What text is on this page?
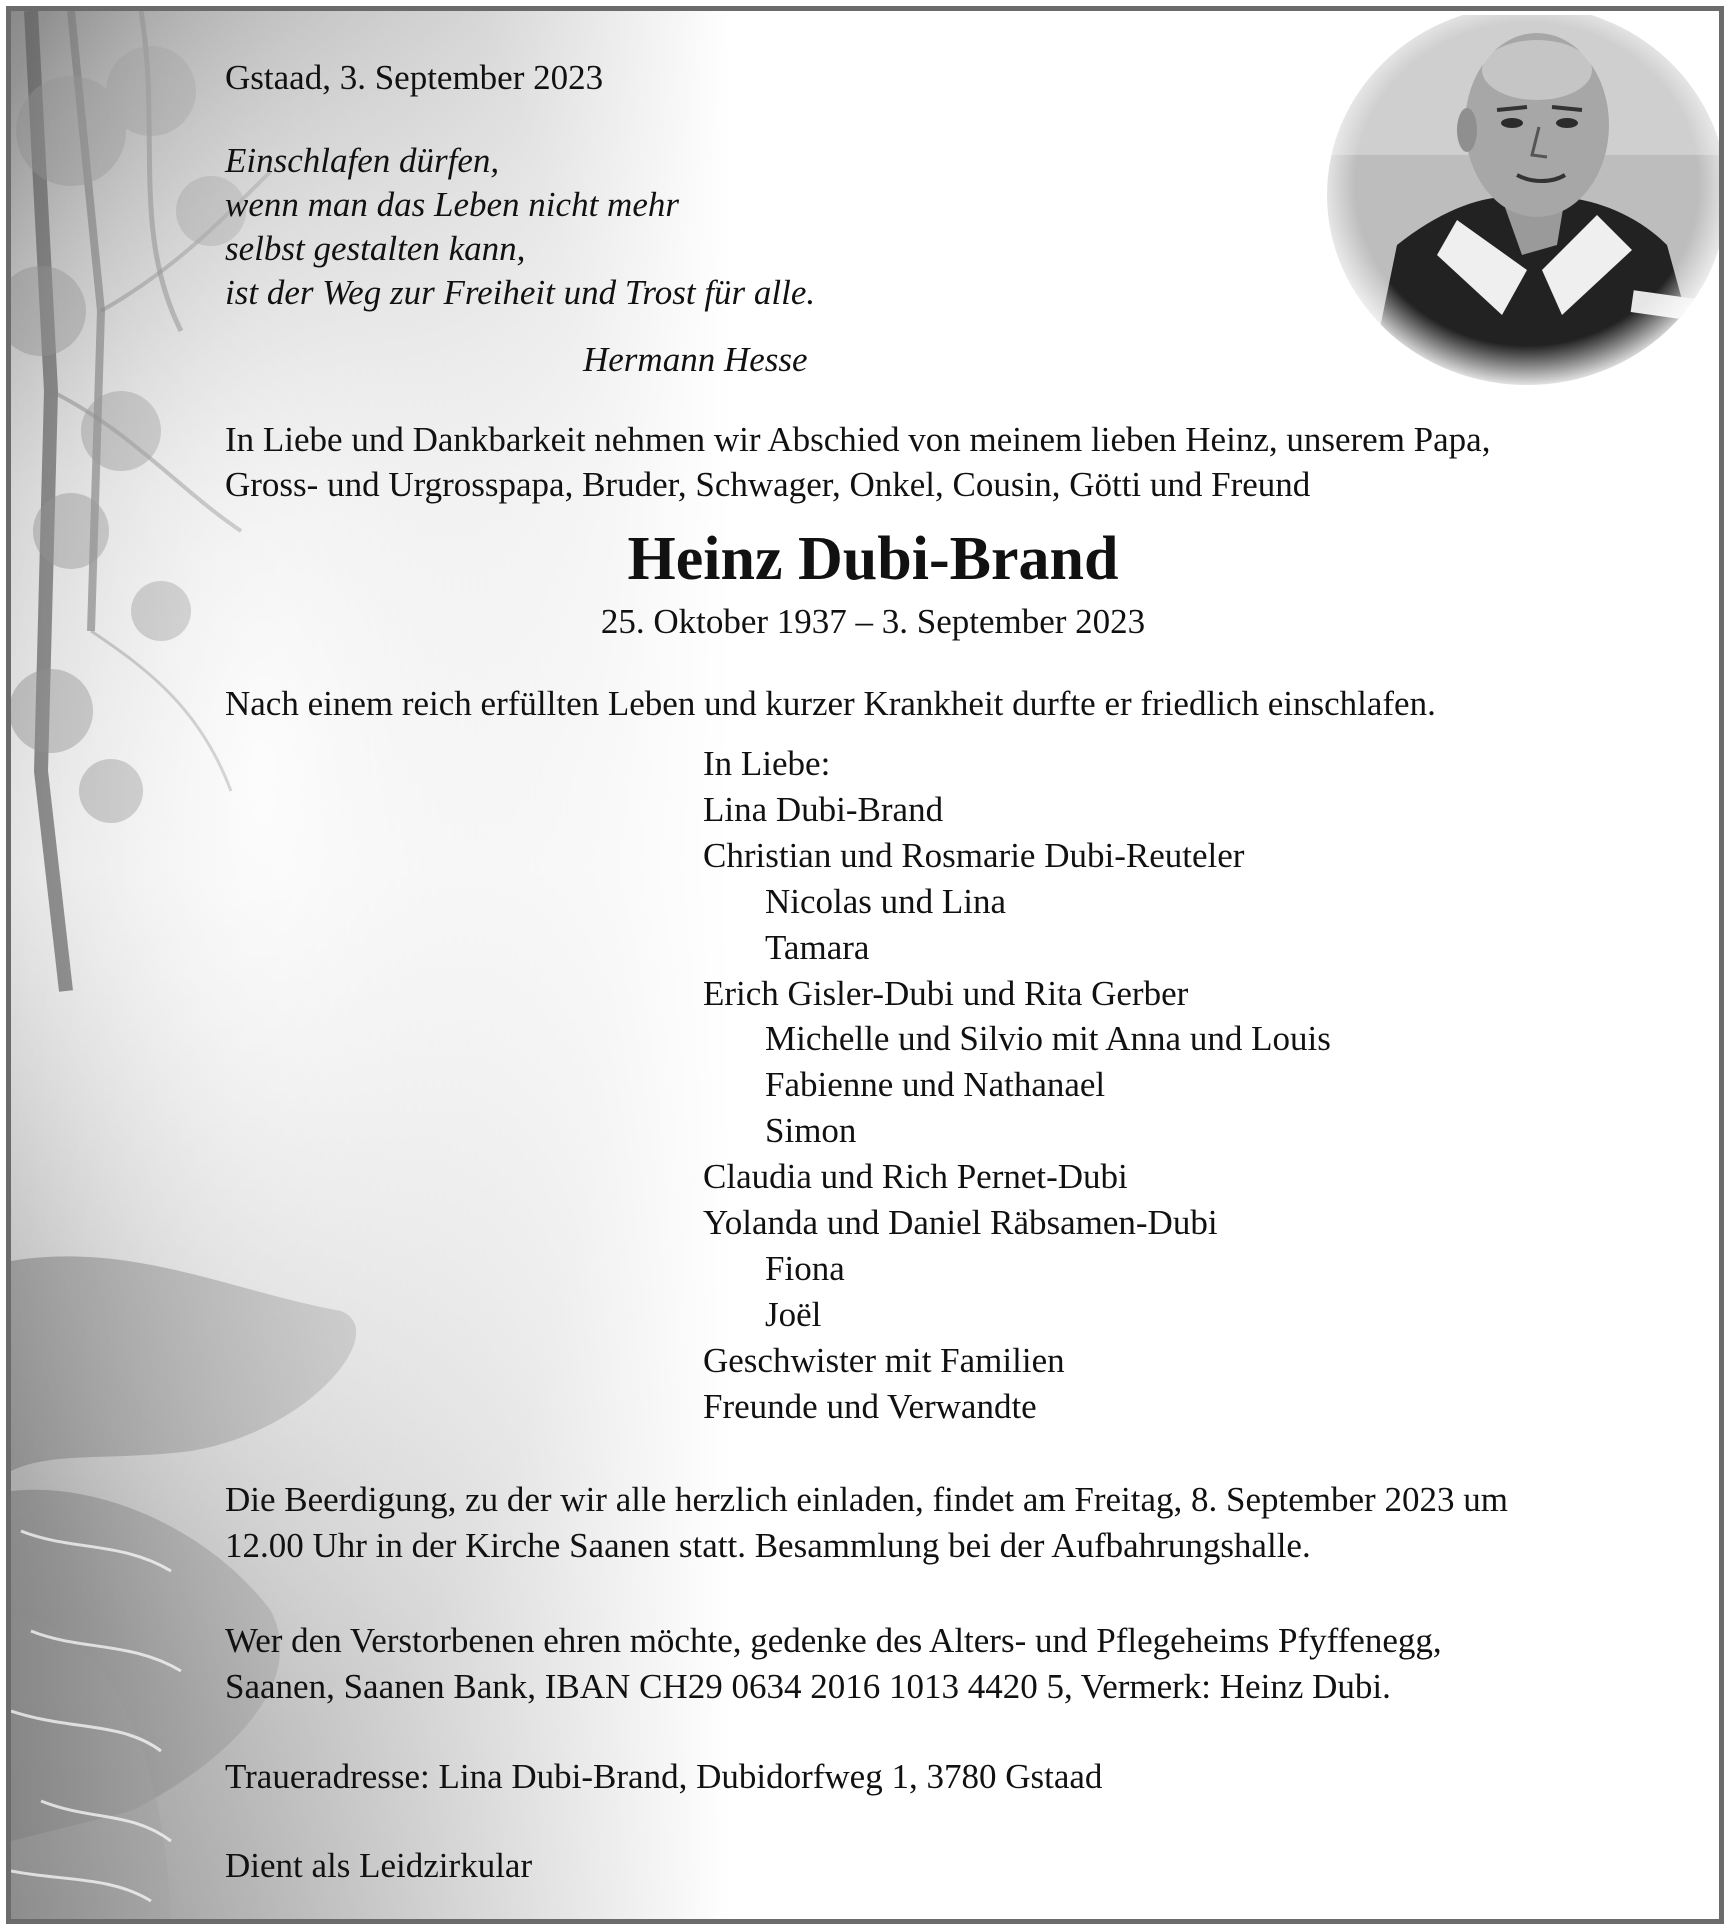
Gstaad, 3. September 2023

Einschlafen dürfen,

wenn man das Leben nicht mehr

selbst gestalten kann,

ist der Weg zur Freiheit und Trost für alle.

Hermann Hesse

In Liebe und Dankbarkeit nehmen wir Abschied von meinem lieben Heinz, unserem Papa,

Gross- und Urgrosspapa, Bruder, Schwager, Onkel, Cousin, Götti und Freund

Heinz Dubi-Brand

25. Oktober 1937 – 3. September 2023

Nach einem reich erfüllten Leben und kurzer Krankheit durfte er friedlich einschlafen.

In Liebe:
Lina Dubi-Brand
Christian und Rosmarie Dubi-Reuteler
Nicolas und Lina
Tamara
Erich Gisler-Dubi und Rita Gerber
Michelle und Silvio mit Anna und Louis
Fabienne und Nathanael
Simon
Claudia und Rich Pernet-Dubi
Yolanda und Daniel Räbsamen-Dubi
Fiona
Joël
Geschwister mit Familien
Freunde und Verwandte

Die Beerdigung, zu der wir alle herzlich einladen, findet am Freitag, 8. September 2023 um

12.00 Uhr in der Kirche Saanen statt. Besammlung bei der Aufbahrungshalle.

Wer den Verstorbenen ehren möchte, gedenke des Alters- und Pflegeheims Pfyffenegg,

Saanen, Saanen Bank, IBAN CH29 0634 2016 1013 4420 5, Vermerk: Heinz Dubi.

Traueradresse: Lina Dubi-Brand, Dubidorfweg 1, 3780 Gstaad

Dient als Leidzirkular
